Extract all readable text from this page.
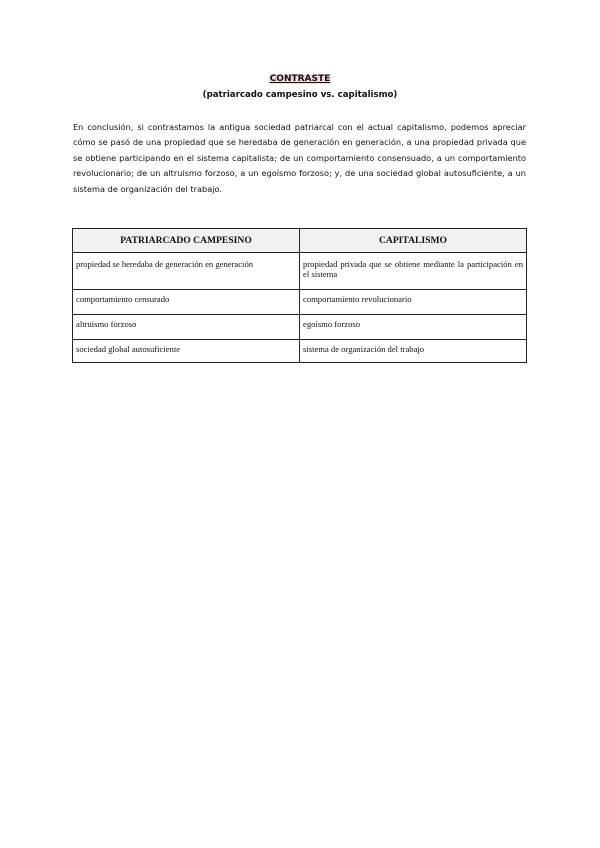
CONTRASTE
(patriarcado campesino vs. capitalismo)
En conclusión, si contrastamos la antigua sociedad patriarcal con el actual capitalismo, podemos apreciar cómo se pasó de una propiedad que se heredaba de generación en generación, a una propiedad privada que se obtiene participando en el sistema capitalista; de un comportamiento consensuado, a un comportamiento revolucionario; de un altruismo forzoso, a un egoísmo forzoso; y, de una sociedad global autosuficiente, a un sistema de organización del trabajo.
PATRIARCADO CAMPESINO	CAPITALISMO
propiedad se heredaba de generación en generación	propiedad privada que se obtiene mediante la participación en el sistema
comportamiento censurado	comportamiento revolucionario
altruismo forzoso	egoísmo forzoso
sociedad global autosuficiente	sistema de organización del trabajo
